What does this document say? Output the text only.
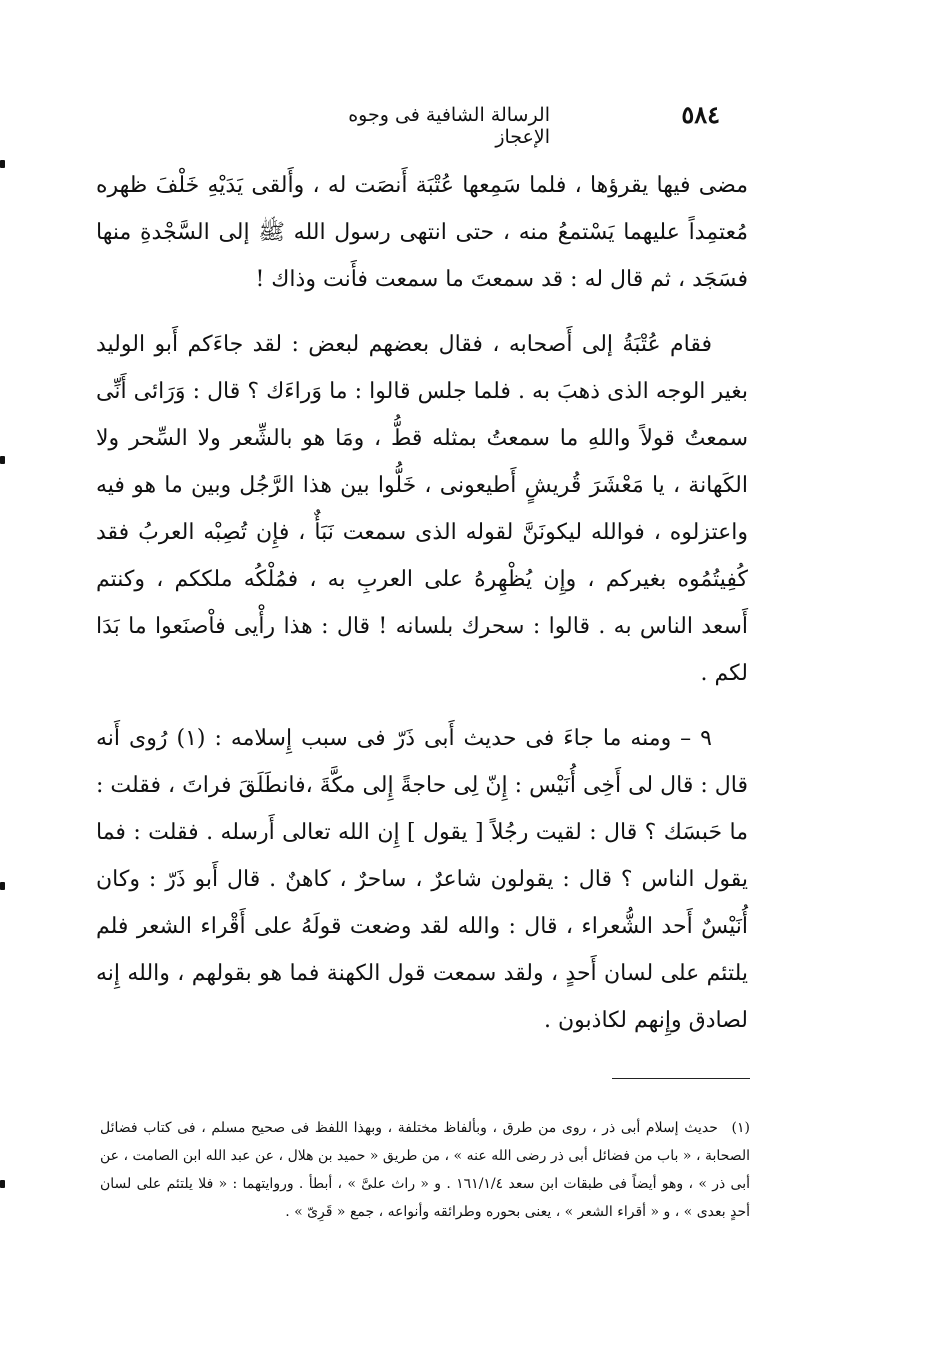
٥٨٤
الرسالة الشافية فى وجوه الإعجاز

مضى فيها يقرؤها ، فلما سَمِعها عُتْبَة أَنصَت له ، وأَلقى يَدَيْهِ خَلْفَ ظهره مُعتمِداً عليهما يَسْتمعُ منه ، حتى انتهى رسول الله ﷺ إلى السَّجْدةِ منها فسَجَد ، ثم قال له : قد سمعتَ ما سمعت فأَنت وذاك !

فقام عُتْبَةُ إلى أَصحابه ، فقال بعضهم لبعض : لقد جاءَكم أَبو الوليد بغير الوجه الذى ذهبَ به . فلما جلس قالوا : ما وَراءَك ؟ قال : وَرَائى أَنِّى سمعتُ قولاً واللهِ ما سمعتُ بمثله قطُّ ، ومَا هو بالشِّعر ولا السِّحر ولا الكَهانة ، يا مَعْشَرَ قُريشٍ أَطيعونى ، خَلُّوا بين هذا الرَّجُل وبين ما هو فيه واعتزلوه ، فوالله ليكونَنَّ لقوله الذى سمعت نَبَأٌ ، فإِن تُصِبْه العربُ فقد كُفِيتُمُوه بغيركم ، وإِن يُظْهِرهُ على العربِ به ، فمُلْكُه ملككم ، وكنتم أَسعد الناس به . قالوا : سحرك بلسانه ! قال : هذا رأْيى فاْصنَعوا ما بَدَا لكم .

٩ – ومنه ما جاءَ فى حديث أَبى ذَرّ فى سبب إِسلامه : (١) رُوى أَنه قال : قال لى أَخِى أُنَيْس : إِنّ لِى حاجةً إِلى مكَّةَ ،فانطَلَقَ فراتَ ، فقلت : ما حَبسَك ؟ قال : لقيت رجُلاً [ يقول ] إِن الله تعالى أَرسله . فقلت : فما يقول الناس ؟ قال : يقولون شاعرٌ ، ساحرٌ ، كاهنٌ . قال أَبو ذَرّ : وكان أُنَيْسٌ أَحد الشُّعراء ، قال : والله لقد وضعت قولَهُ على أَقْراء الشعر فلم يلتئم على لسان أَحدٍ ، ولقد سمعت قول الكهنة فما هو بقولهم ، والله إِنه لصادق وإِنهم لكاذبون .

(١) حديث إسلام أبى ذر ، روى من طرق ، وبألفاظ مختلفة ، وبهذا اللفظ فى صحيح مسلم ، فى كتاب فضائل الصحابة ، « باب من فضائل أبى ذر رضى الله عنه » ، من طريق « حميد بن هلال ، عن عبد الله ابن الصامت ، عن أبى ذر » ، وهو أيضاً فى طبقات ابن سعد ١٦١/١/٤ . و « راث علىَّ » ، أبطأ . وروايتهما : « فلا يلتئم على لسان أحدٍ بعدى » ، و « أقراء الشعر » ، يعنى بحوره وطرائقه وأنواعه ، جمع « قَرِىّ » .
